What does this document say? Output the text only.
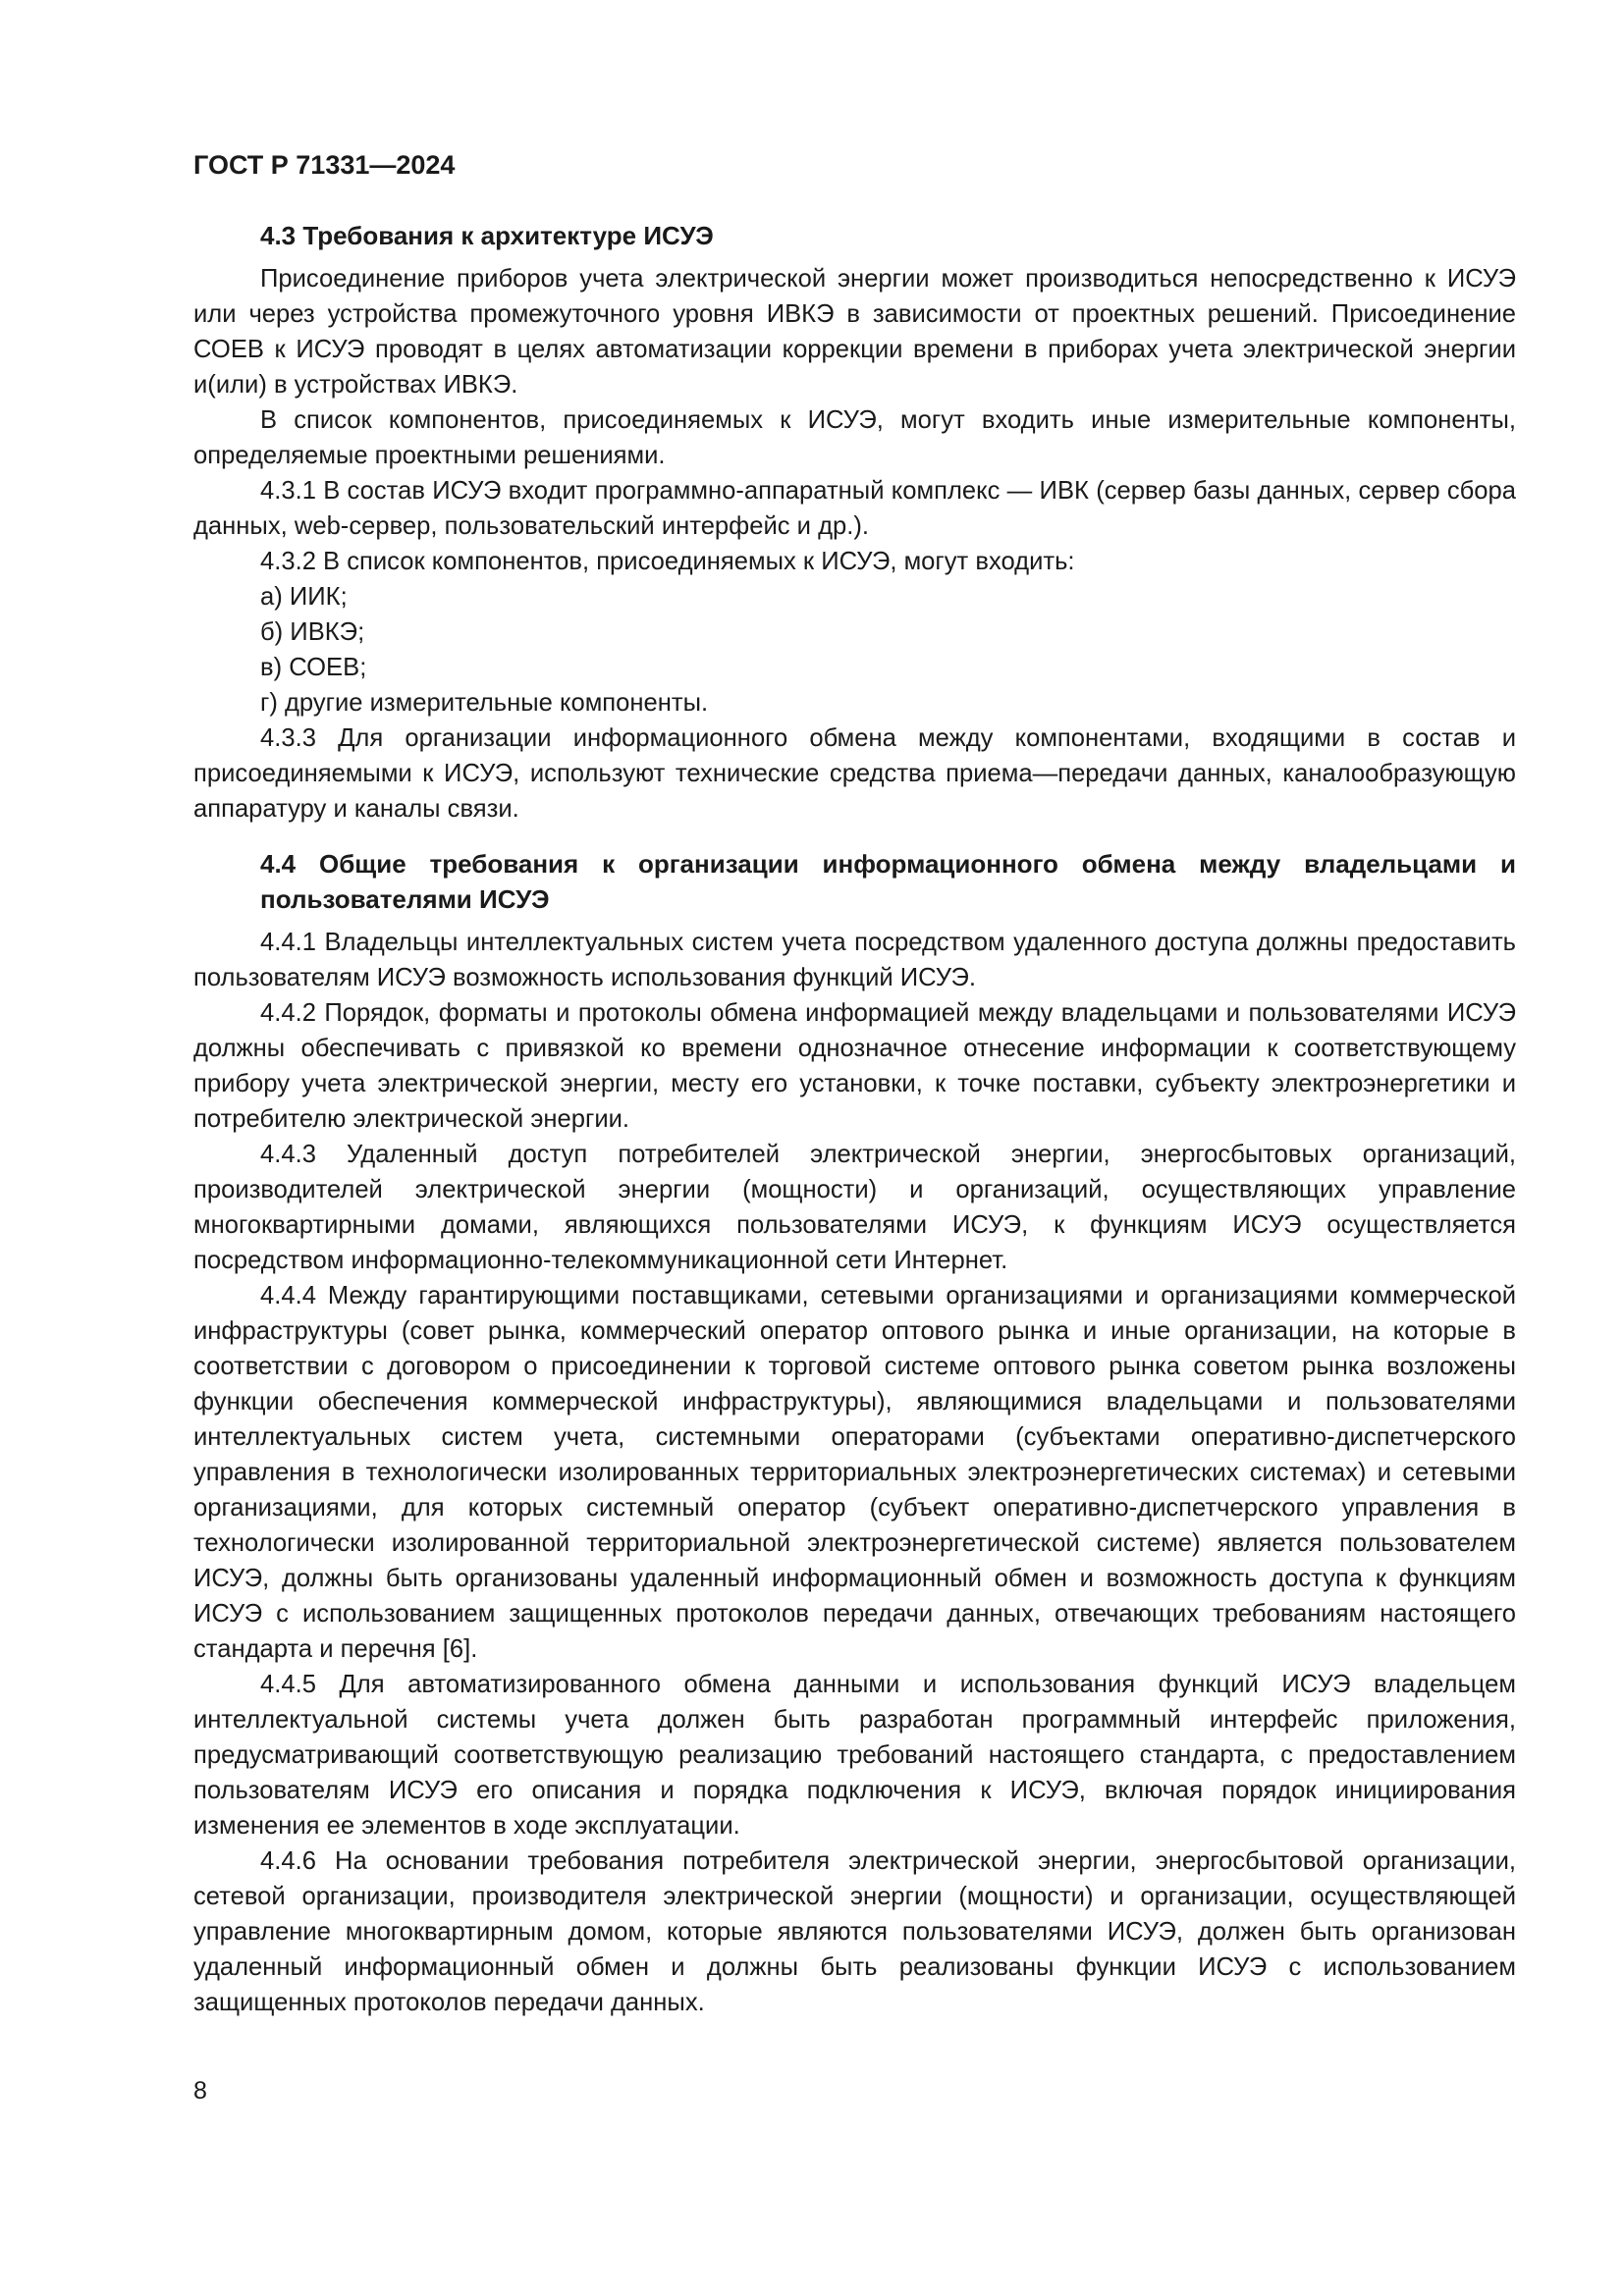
ГОСТ Р 71331—2024
4.3 Требования к архитектуре ИСУЭ

Присоединение приборов учета электрической энергии может производиться непосредственно к ИСУЭ или через устройства промежуточного уровня ИВКЭ в зависимости от проектных решений. Присоединение СОЕВ к ИСУЭ проводят в целях автоматизации коррекции времени в приборах учета электрической энергии и(или) в устройствах ИВКЭ.

В список компонентов, присоединяемых к ИСУЭ, могут входить иные измерительные компоненты, определяемые проектными решениями.

4.3.1 В состав ИСУЭ входит программно-аппаратный комплекс — ИВК (сервер базы данных, сервер сбора данных, web-сервер, пользовательский интерфейс и др.).

4.3.2 В список компонентов, присоединяемых к ИСУЭ, могут входить:

а) ИИК;

б) ИВКЭ;

в) СОЕВ;

г) другие измерительные компоненты.

4.3.3 Для организации информационного обмена между компонентами, входящими в состав и присоединяемыми к ИСУЭ, используют технические средства приема—передачи данных, каналообразующую аппаратуру и каналы связи.

4.4 Общие требования к организации информационного обмена между владельцами и пользователями ИСУЭ

4.4.1 Владельцы интеллектуальных систем учета посредством удаленного доступа должны предоставить пользователям ИСУЭ возможность использования функций ИСУЭ.

4.4.2 Порядок, форматы и протоколы обмена информацией между владельцами и пользователями ИСУЭ должны обеспечивать с привязкой ко времени однозначное отнесение информации к соответствующему прибору учета электрической энергии, месту его установки, к точке поставки, субъекту электроэнергетики и потребителю электрической энергии.

4.4.3 Удаленный доступ потребителей электрической энергии, энергосбытовых организаций, производителей электрической энергии (мощности) и организаций, осуществляющих управление многоквартирными домами, являющихся пользователями ИСУЭ, к функциям ИСУЭ осуществляется посредством информационно-телекоммуникационной сети Интернет.

4.4.4 Между гарантирующими поставщиками, сетевыми организациями и организациями коммерческой инфраструктуры (совет рынка, коммерческий оператор оптового рынка и иные организации, на которые в соответствии с договором о присоединении к торговой системе оптового рынка советом рынка возложены функции обеспечения коммерческой инфраструктуры), являющимися владельцами и пользователями интеллектуальных систем учета, системными операторами (субъектами оперативно-диспетчерского управления в технологически изолированных территориальных электроэнергетических системах) и сетевыми организациями, для которых системный оператор (субъект оперативно-диспетчерского управления в технологически изолированной территориальной электроэнергетической системе) является пользователем ИСУЭ, должны быть организованы удаленный информационный обмен и возможность доступа к функциям ИСУЭ с использованием защищенных протоколов передачи данных, отвечающих требованиям настоящего стандарта и перечня [6].

4.4.5 Для автоматизированного обмена данными и использования функций ИСУЭ владельцем интеллектуальной системы учета должен быть разработан программный интерфейс приложения, предусматривающий соответствующую реализацию требований настоящего стандарта, с предоставлением пользователям ИСУЭ его описания и порядка подключения к ИСУЭ, включая порядок инициирования изменения ее элементов в ходе эксплуатации.

4.4.6 На основании требования потребителя электрической энергии, энергосбытовой организации, сетевой организации, производителя электрической энергии (мощности) и организации, осуществляющей управление многоквартирным домом, которые являются пользователями ИСУЭ, должен быть организован удаленный информационный обмен и должны быть реализованы функции ИСУЭ с использованием защищенных протоколов передачи данных.

8
